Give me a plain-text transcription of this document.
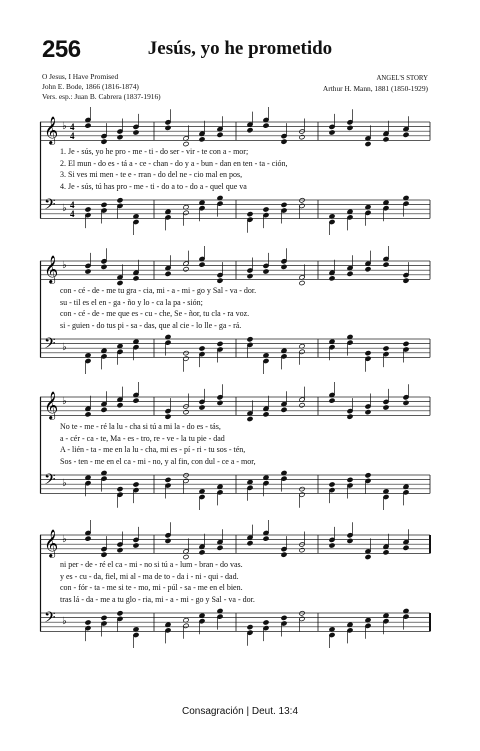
256	Jesús, yo he prometido
O Jesus, I Have Promised
John E. Bode, 1866 (1816-1874)
Vers. esp.: Juan B. Cabrera (1837-1916)
ANGEL'S STORY
Arthur H. Mann, 1881 (1850-1929)
𝄞 ♭ 4
4
𝄢 ♭ 4
4
1. Je - sús, yo he pro - me - ti - do ser - vir - te con a - mor;
2. El mun - do es - tá a - ce - chan - do y a - bun - dan en ten - ta - ción,
3. Si ves mi men - te e - rran - do del ne - cio mal en pos,
4. Je - sús, tú has pro - me - ti - do a to - do a - quel que va
𝄞 ♭
𝄢 ♭
con - cé - de - me tu gra - cia, mi - a - mi - go y Sal - va - dor.
su - til es el en - ga - ño y lo - ca la pa - sión;
con - cé - de - me que es - cu - che, Se - ñor, tu cla - ra voz.
si - guien - do tus pi - sa - das, que al cie - lo lle - ga - rá.
𝄞 ♭
𝄢 ♭
No te - me - ré la lu - cha si tú a mi la - do es - tás,
a - cér - ca - te, Ma - es - tro, re - ve - la tu pie - dad
A - lién - ta - me en la lu - cha, mi es - pí - ri - tu sos - tén,
Sos - ten - me en el ca - mi - no, y al fin, con dul - ce a - mor,
𝄞 ♭
𝄢 ♭
ni per - de - ré el ca - mi - no si tú a - lum - bran - do vas.
y es - cu - da, fiel, mi al - ma de to - da i - ni - qui - dad.
con - fór - ta - me si te - mo, mi - púl - sa - me en el bien.
tras lá - da - me a tu glo - ria, mi - a - mi - go y Sal - va - dor.
Consagración | Deut. 13:4
